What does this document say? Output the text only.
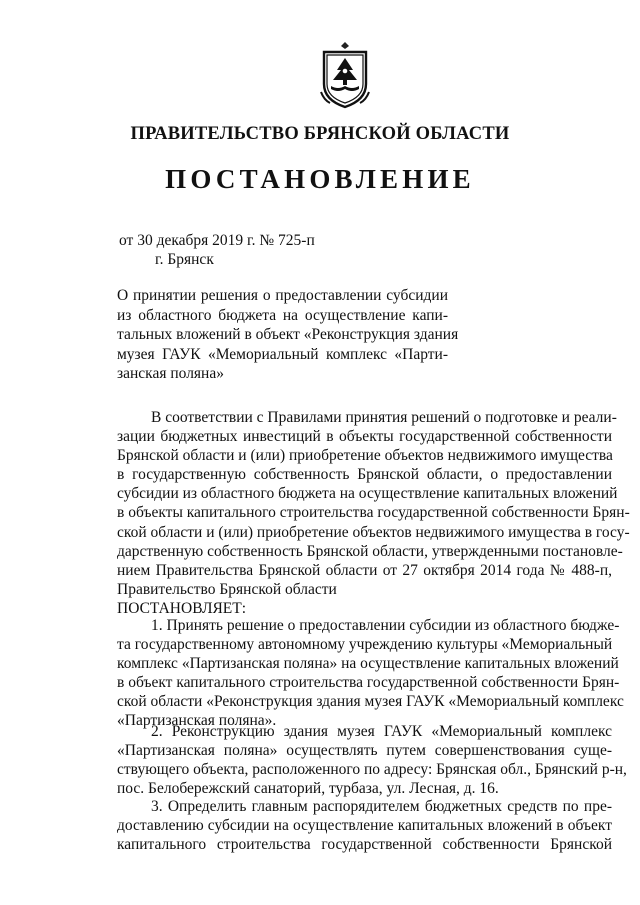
ПРАВИТЕЛЬСТВО БРЯНСКОЙ ОБЛАСТИ
ПОСТАНОВЛЕНИЕ
от 30 декабря 2019 г. № 725-п
г. Брянск
О принятии решения о предоставлении субсидии
из областного бюджета на осуществление капи-
тальных вложений в объект «Реконструкция здания
музея ГАУК «Мемориальный комплекс «Парти-
занская поляна»
В соответствии с Правилами принятия решений о подготовке и реали-
зации бюджетных инвестиций в объекты государственной собственности
Брянской области и (или) приобретение объектов недвижимого имущества
в государственную собственность Брянской области, о предоставлении
субсидии из областного бюджета на осуществление капитальных вложений
в объекты капитального строительства государственной собственности Брян-
ской области и (или) приобретение объектов недвижимого имущества в госу-
дарственную собственность Брянской области, утвержденными постановле-
нием Правительства Брянской области от 27 октября 2014 года № 488-п,
Правительство Брянской области
ПОСТАНОВЛЯЕТ:
1. Принять решение о предоставлении субсидии из областного бюдже-
та государственному автономному учреждению культуры «Мемориальный
комплекс «Партизанская поляна» на осуществление капитальных вложений
в объект капитального строительства государственной собственности Брян-
ской области «Реконструкция здания музея ГАУК «Мемориальный комплекс
«Партизанская поляна».
2. Реконструкцию здания музея ГАУК «Мемориальный комплекс
«Партизанская поляна» осуществлять путем совершенствования суще-
ствующего объекта, расположенного по адресу: Брянская обл., Брянский р-н,
пос. Белобережский санаторий, турбаза, ул. Лесная, д. 16.
3. Определить главным распорядителем бюджетных средств по пре-
доставлению субсидии на осуществление капитальных вложений в объект
капитального строительства государственной собственности Брянской
